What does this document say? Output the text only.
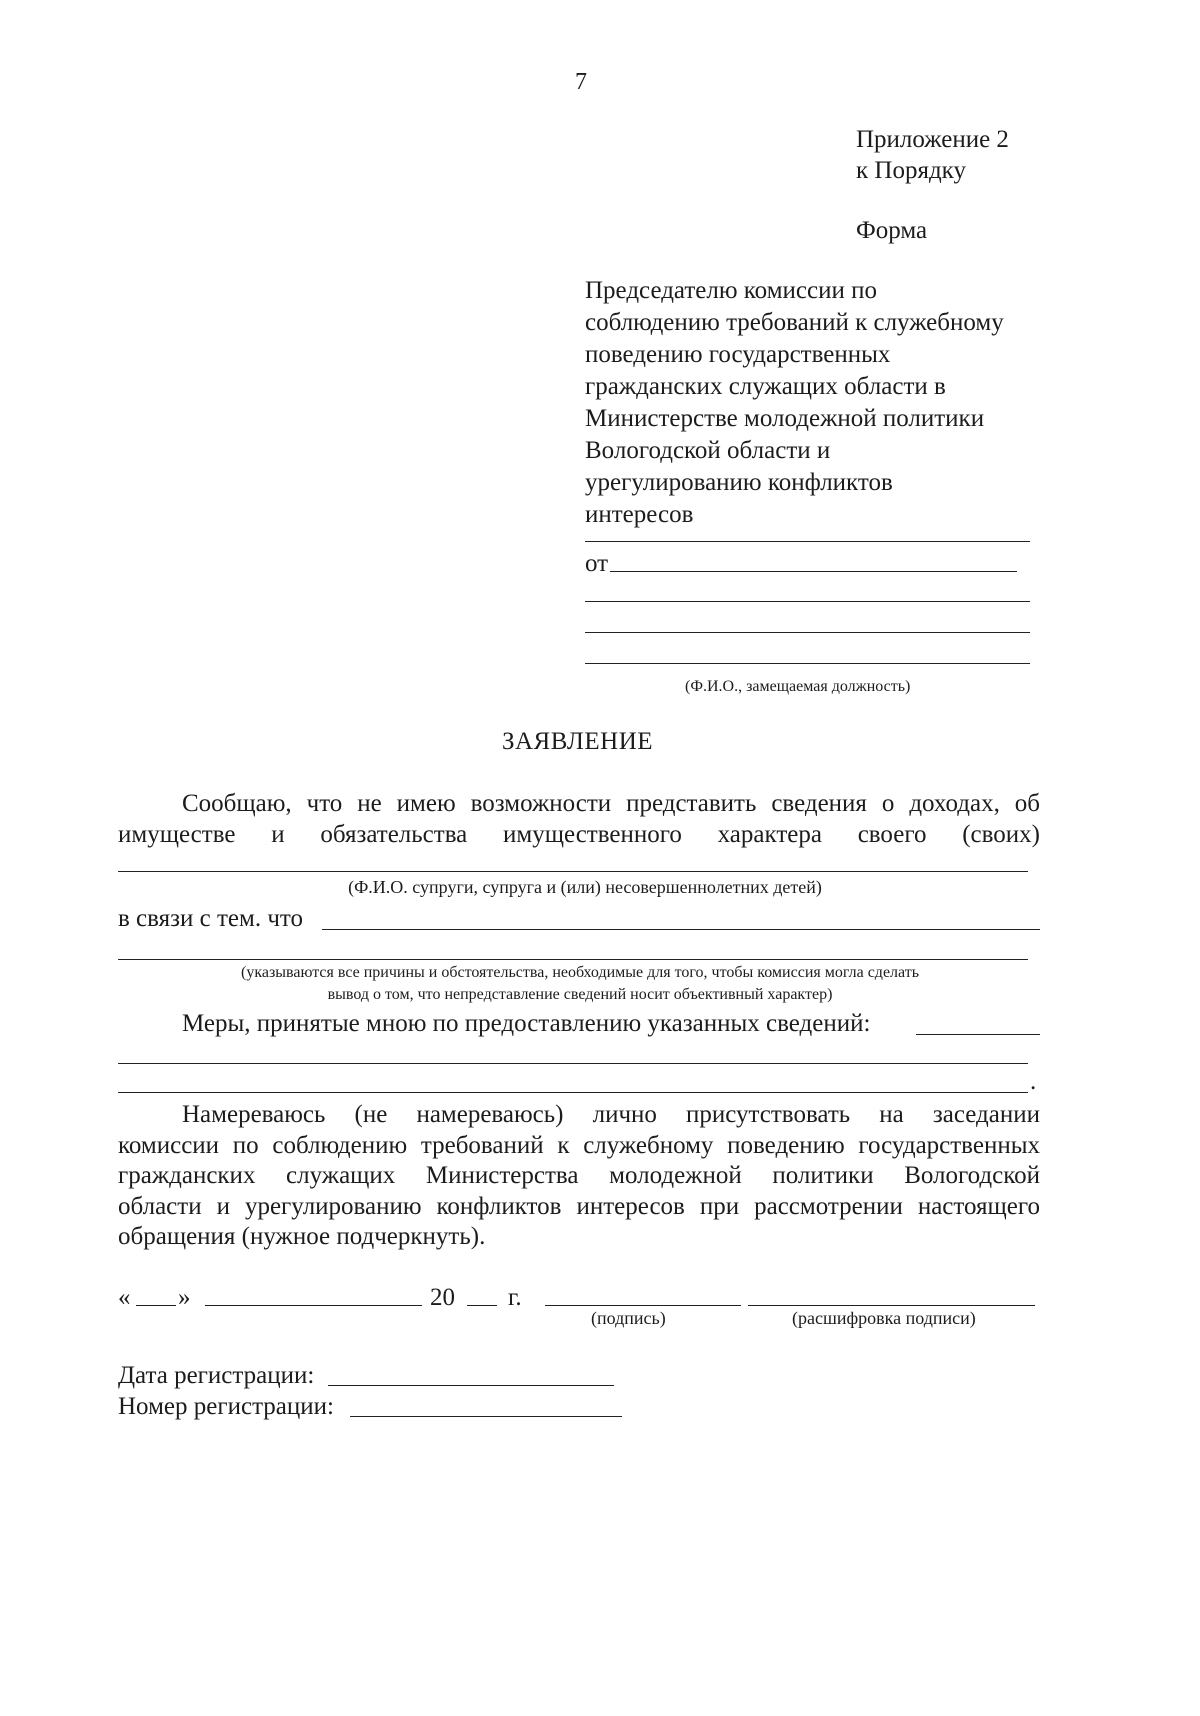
7
Приложение 2
к Порядку
Форма
Председателю комиссии по
соблюдению требований к служебному
поведению государственных
гражданских служащих области в
Министерстве молодежной политики
Вологодской области и
урегулированию конфликтов
интересов
от
(Ф.И.О., замещаемая должность)
ЗАЯВЛЕНИЕ
Сообщаю, что не имею возможности представить сведения о доходах, об
имуществе и обязательства имущественного характера своего (своих)
(Ф.И.О. супруги, супруга и (или) несовершеннолетних детей)
в связи с тем. что
(указываются все причины и обстоятельства, необходимые для того, чтобы комиссия могла сделать
вывод о том, что непредставление сведений носит объективный характер)
Меры, принятые мною по предоставлению указанных сведений:
.
Намереваюсь (не намереваюсь) лично присутствовать на заседании
комиссии по соблюдению требований к служебному поведению государственных
гражданских служащих Министерства молодежной политики Вологодской
области и урегулированию конфликтов интересов при рассмотрении настоящего
обращения (нужное подчеркнуть).
« »	20 г.
(подпись)	(расшифровка подписи)
Дата регистрации:
Номер регистрации:
